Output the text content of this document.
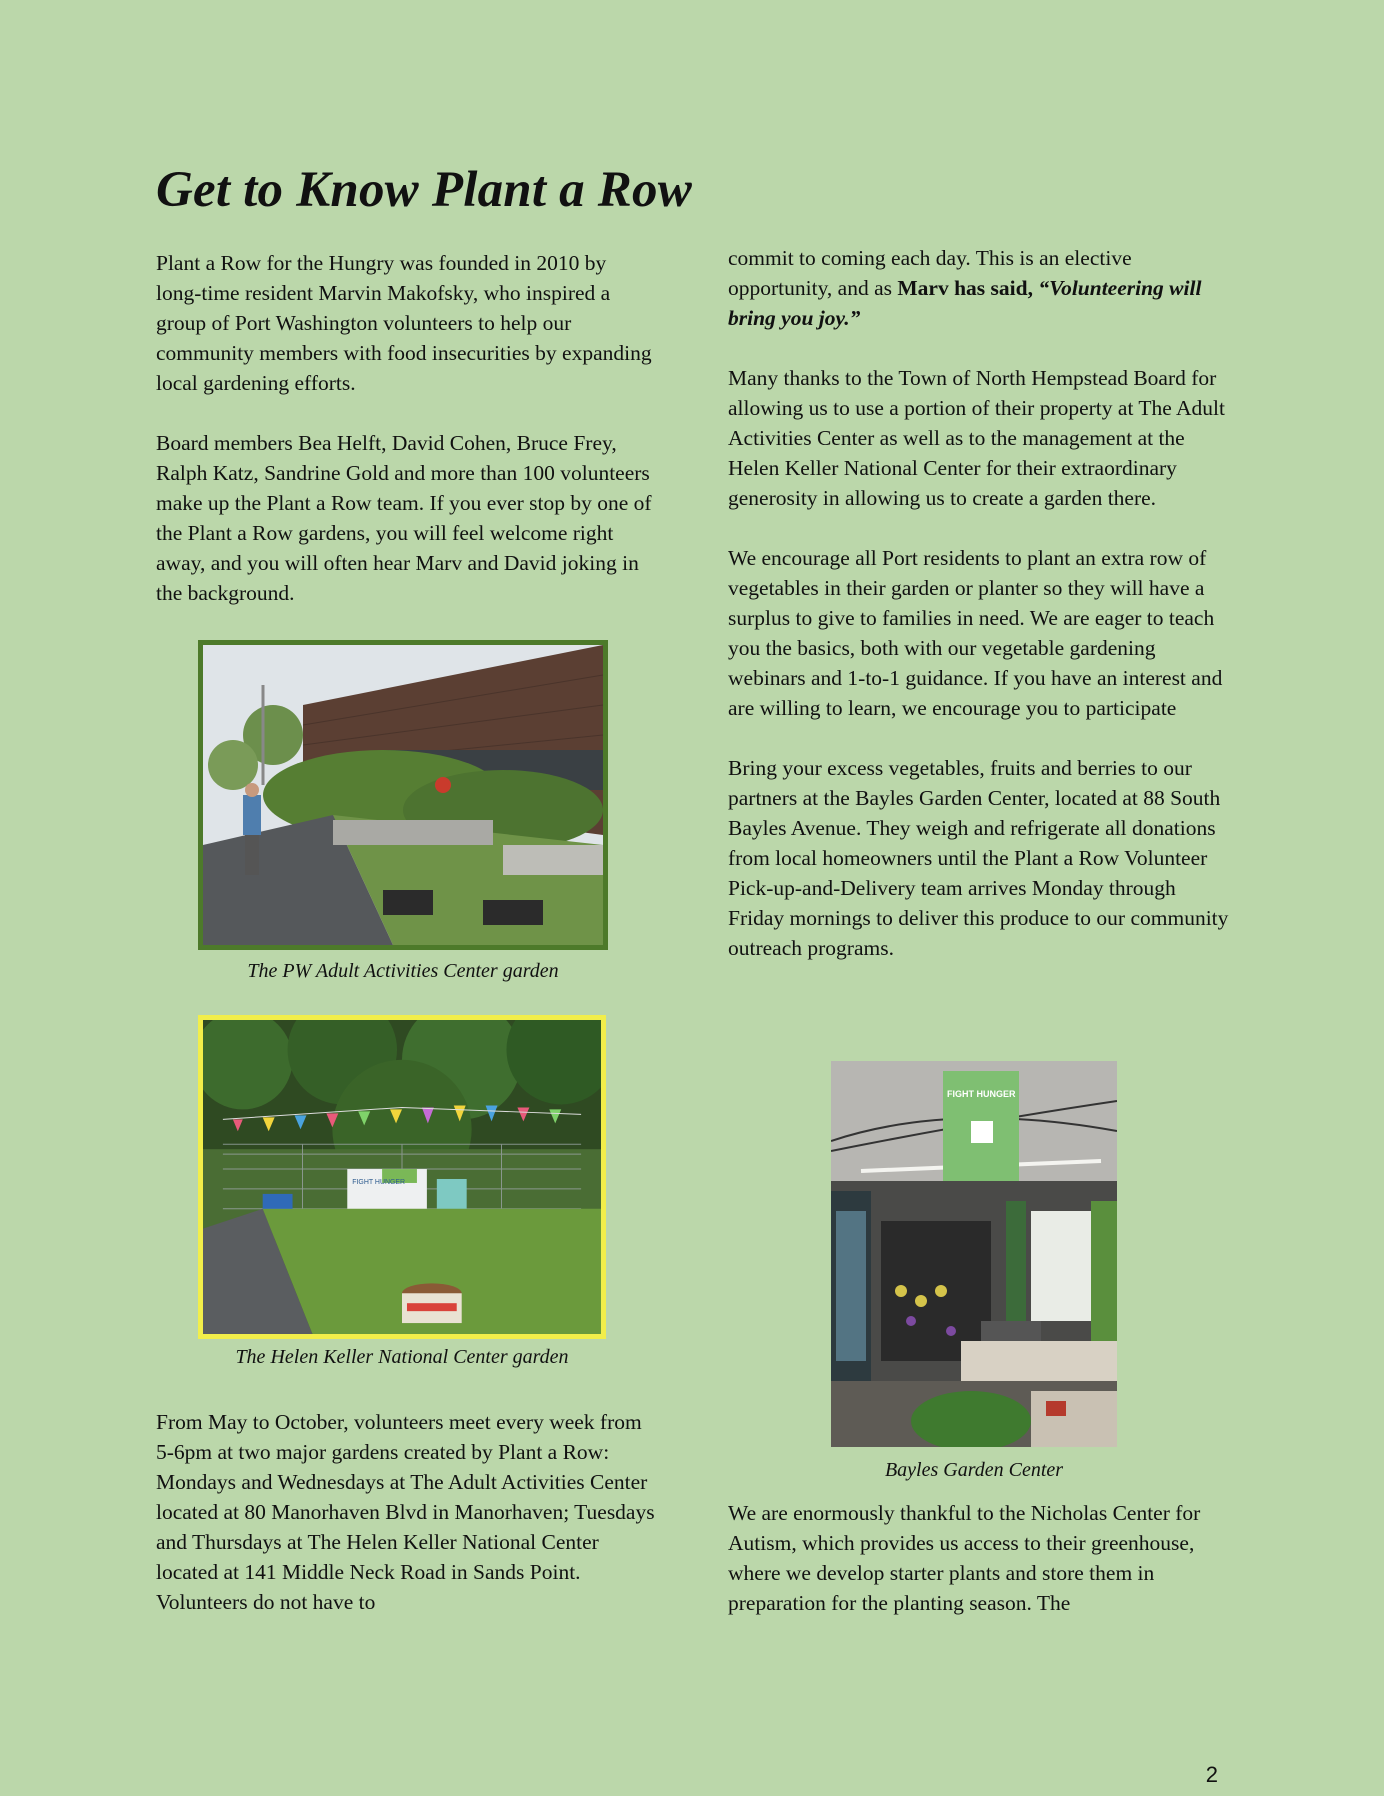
Get to Know Plant a Row

Plant a Row for the Hungry was founded in 2010 by long-time resident Marvin Makofsky, who inspired a group of Port Washington volunteers to help our community members with food insecurities by expanding local gardening efforts.

Board members Bea Helft, David Cohen, Bruce Frey, Ralph Katz, Sandrine Gold and more than 100 volunteers make up the Plant a Row team. If you ever stop by one of the Plant a Row gardens, you will feel welcome right away, and you will often hear Marv and David joking in the background.

The PW Adult Activities Center garden
FIGHT HUNGER
The Helen Keller National Center garden

From May to October, volunteers meet every week from 5-6pm at two major gardens created by Plant a Row: Mondays and Wednesdays at The Adult Activities Center located at 80 Manorhaven Blvd in Manorhaven; Tuesdays and Thursdays at The Helen Keller National Center located at 141 Middle Neck Road in Sands Point. Volunteers do not have to

commit to coming each day. This is an elective opportunity, and as Marv has said, “Volunteering will bring you joy.”

Many thanks to the Town of North Hempstead Board for allowing us to use a portion of their property at The Adult Activities Center as well as to the management at the Helen Keller National Center for their extraordinary generosity in allowing us to create a garden there.

We encourage all Port residents to plant an extra row of vegetables in their garden or planter so they will have a surplus to give to families in need. We are eager to teach you the basics, both with our vegetable gardening webinars and 1-to-1 guidance. If you have an interest and are willing to learn, we encourage you to participate

Bring your excess vegetables, fruits and berries to our partners at the Bayles Garden Center, located at 88 South Bayles Avenue. They weigh and refrigerate all donations from local homeowners until the Plant a Row Volunteer Pick-up-and-Delivery team arrives Monday through Friday mornings to deliver this produce to our community outreach programs.

FIGHT HUNGER
Bayles Garden Center

We are enormously thankful to the Nicholas Center for Autism, which provides us access to their greenhouse, where we develop starter plants and store them in preparation for the planting season. The

2
